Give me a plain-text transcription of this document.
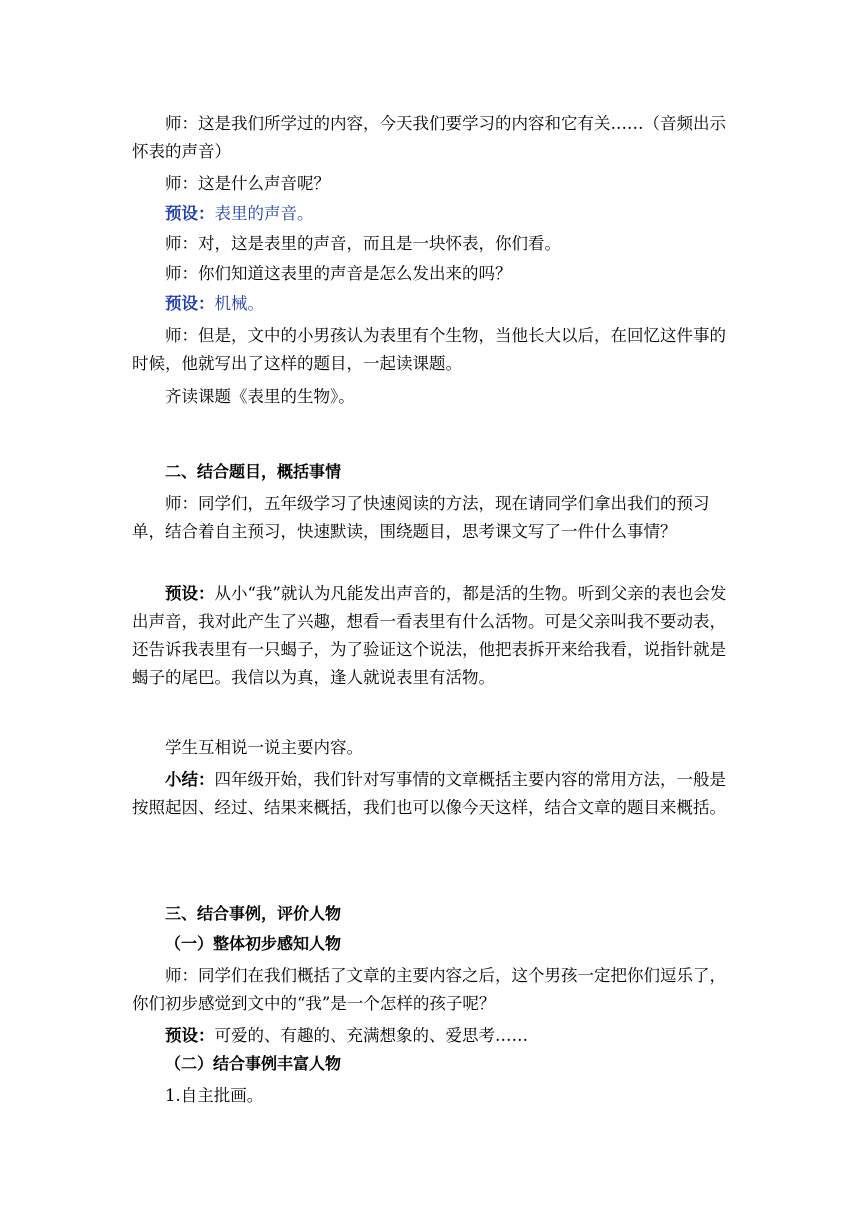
师：这是我们所学过的内容，今天我们要学习的内容和它有关……（音频出示怀表的声音）

师：这是什么声音呢？

预设：表里的声音。

师：对，这是表里的声音，而且是一块怀表，你们看。

师：你们知道这表里的声音是怎么发出来的吗？

预设：机械。

师：但是，文中的小男孩认为表里有个生物，当他长大以后，在回忆这件事的时候，他就写出了这样的题目，一起读课题。

齐读课题《表里的生物》。

二、结合题目，概括事情

师：同学们，五年级学习了快速阅读的方法，现在请同学们拿出我们的预习单，结合着自主预习，快速默读，围绕题目，思考课文写了一件什么事情？

预设：从小“我”就认为凡能发出声音的，都是活的生物。听到父亲的表也会发出声音，我对此产生了兴趣，想看一看表里有什么活物。可是父亲叫我不要动表，还告诉我表里有一只蝎子，为了验证这个说法，他把表拆开来给我看，说指针就是蝎子的尾巴。我信以为真，逢人就说表里有活物。

学生互相说一说主要内容。

小结：四年级开始，我们针对写事情的文章概括主要内容的常用方法，一般是按照起因、经过、结果来概括，我们也可以像今天这样，结合文章的题目来概括。

三、结合事例，评价人物

（一）整体初步感知人物

师：同学们在我们概括了文章的主要内容之后，这个男孩一定把你们逗乐了，你们初步感觉到文中的“我”是一个怎样的孩子呢？

预设：可爱的、有趣的、充满想象的、爱思考……

（二）结合事例丰富人物

1.自主批画。
